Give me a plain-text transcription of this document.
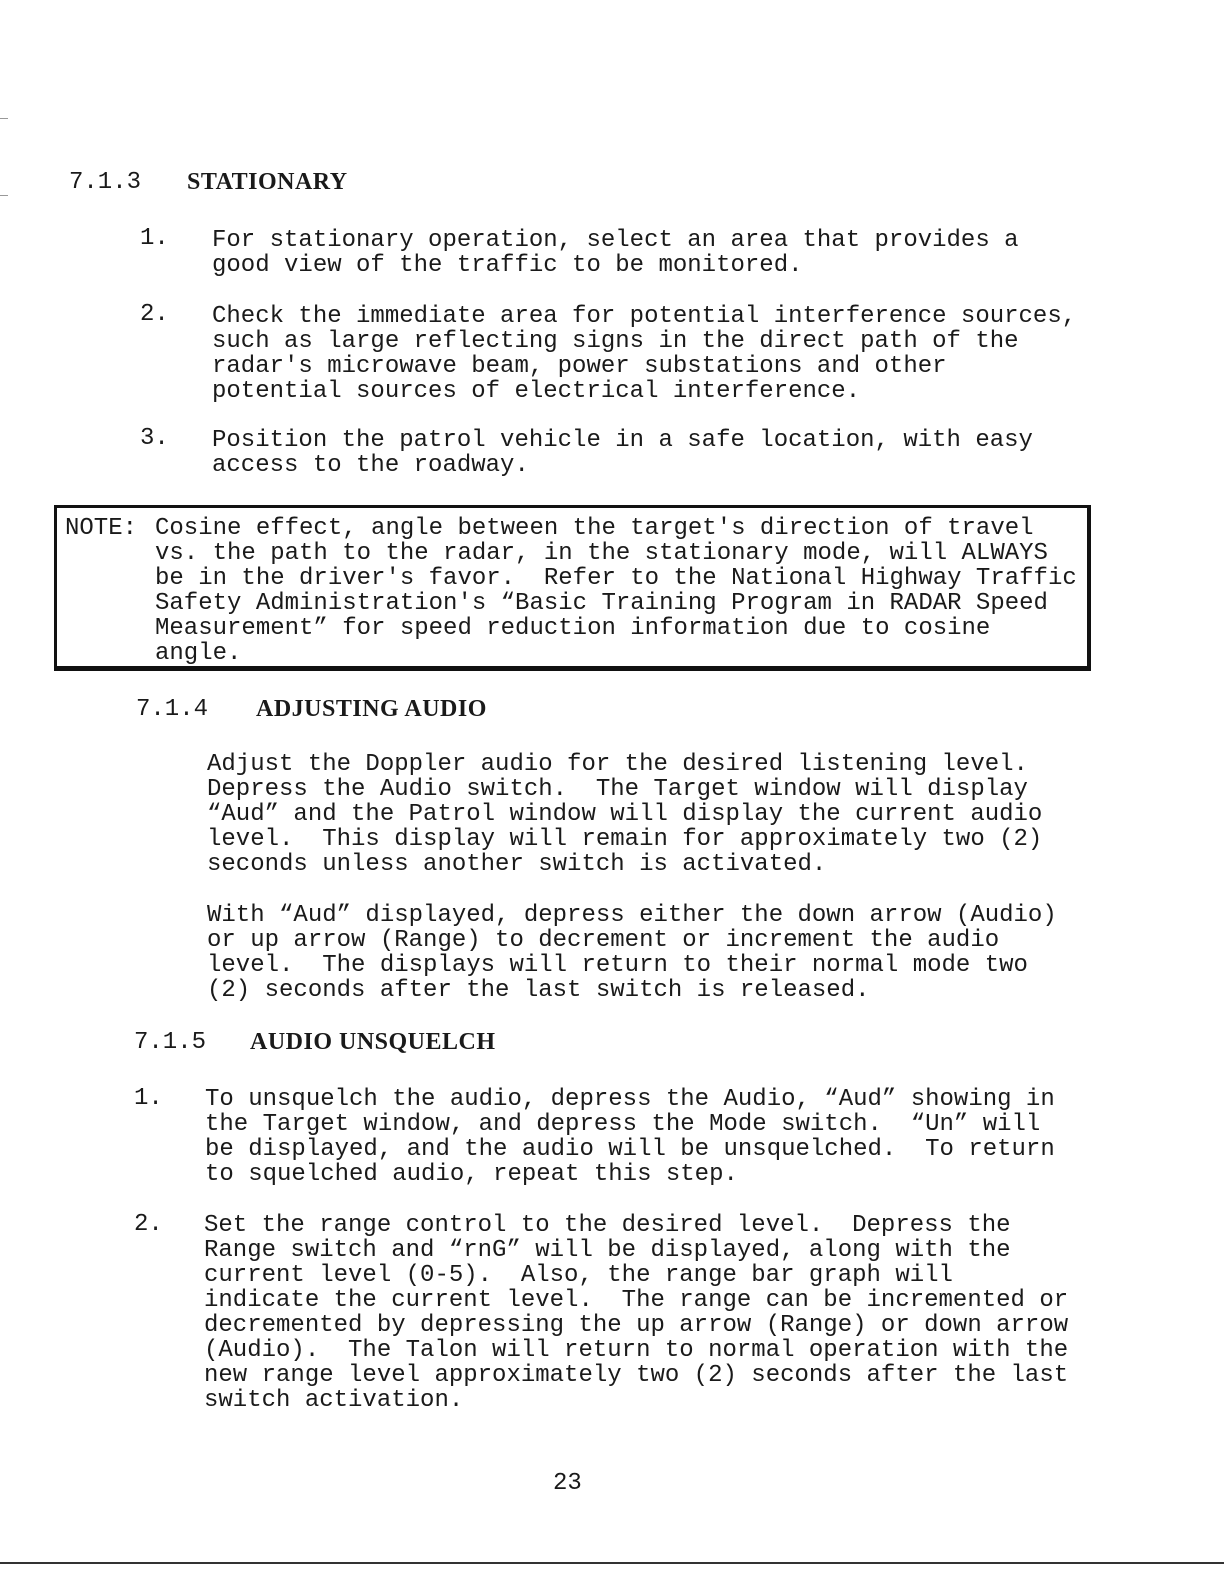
7.1.3 STATIONARY
1.	For stationary operation, select an area that provides a
good view of the traffic to be monitored.
2.	Check the immediate area for potential interference sources,
such as large reflecting signs in the direct path of the
radar's microwave beam, power substations and other
potential sources of electrical interference.
3.	Position the patrol vehicle in a safe location, with easy
access to the roadway.
NOTE: Cosine effect, angle between the target's direction of travel
vs. the path to the radar, in the stationary mode, will ALWAYS
be in the driver's favor.  Refer to the National Highway Traffic
Safety Administration's “Basic Training Program in RADAR Speed
Measurement” for speed reduction information due to cosine
angle.
7.1.4 ADJUSTING AUDIO
Adjust the Doppler audio for the desired listening level.
Depress the Audio switch.  The Target window will display
“Aud” and the Patrol window will display the current audio
level.  This display will remain for approximately two (2)
seconds unless another switch is activated.
With “Aud” displayed, depress either the down arrow (Audio)
or up arrow (Range) to decrement or increment the audio
level.  The displays will return to their normal mode two
(2) seconds after the last switch is released.
7.1.5 AUDIO UNSQUELCH
1.	To unsquelch the audio, depress the Audio, “Aud” showing in
the Target window, and depress the Mode switch.  “Un” will
be displayed, and the audio will be unsquelched.  To return
to squelched audio, repeat this step.
2.	Set the range control to the desired level.  Depress the
Range switch and “rnG” will be displayed, along with the
current level (0-5).  Also, the range bar graph will
indicate the current level.  The range can be incremented or
decremented by depressing the up arrow (Range) or down arrow
(Audio).  The Talon will return to normal operation with the
new range level approximately two (2) seconds after the last
switch activation.
23
